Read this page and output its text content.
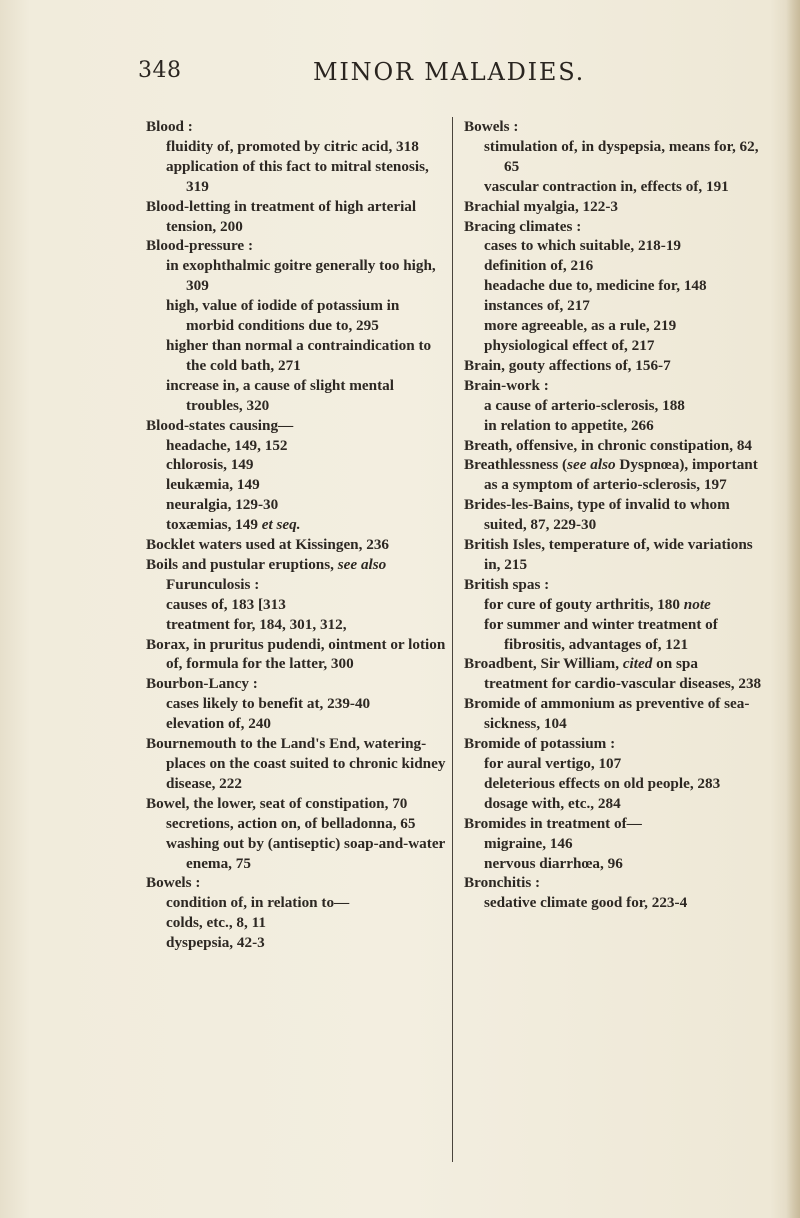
348	MINOR MALADIES.

Blood :

fluidity of, promoted by citric acid, 318

application of this fact to mitral stenosis, 319

Blood-letting in treatment of high arterial tension, 200

Blood-pressure :

in exophthalmic goitre generally too high, 309

high, value of iodide of potassium in morbid conditions due to, 295

higher than normal a contraindication to the cold bath, 271

increase in, a cause of slight mental troubles, 320

Blood-states causing—

headache, 149, 152

chlorosis, 149

leukæmia, 149

neuralgia, 129-30

toxæmias, 149 et seq.

Bocklet waters used at Kissingen, 236

Boils and pustular eruptions, see also Furunculosis :

causes of, 183 [313

treatment for, 184, 301, 312,

Borax, in pruritus pudendi, ointment or lotion of, formula for the latter, 300

Bourbon-Lancy :

cases likely to benefit at, 239-40

elevation of, 240

Bournemouth to the Land's End, watering-places on the coast suited to chronic kidney disease, 222

Bowel, the lower, seat of constipation, 70

secretions, action on, of belladonna, 65

washing out by (antiseptic) soap-and-water enema, 75

Bowels :

condition of, in relation to—

colds, etc., 8, 11

dyspepsia, 42-3

Bowels :

stimulation of, in dyspepsia, means for, 62, 65

vascular contraction in, effects of, 191

Brachial myalgia, 122-3

Bracing climates :

cases to which suitable, 218-19

definition of, 216

headache due to, medicine for, 148

instances of, 217

more agreeable, as a rule, 219

physiological effect of, 217

Brain, gouty affections of, 156-7

Brain-work :

a cause of arterio-sclerosis, 188

in relation to appetite, 266

Breath, offensive, in chronic constipation, 84

Breathlessness (see also Dyspnœa), important as a symptom of arterio-sclerosis, 197

Brides-les-Bains, type of invalid to whom suited, 87, 229-30

British Isles, temperature of, wide variations in, 215

British spas :

for cure of gouty arthritis, 180 note

for summer and winter treatment of fibrositis, advantages of, 121

Broadbent, Sir William, cited on spa treatment for cardio-vascular diseases, 238

Bromide of ammonium as preventive of sea-sickness, 104

Bromide of potassium :

for aural vertigo, 107

deleterious effects on old people, 283

dosage with, etc., 284

Bromides in treatment of—

migraine, 146

nervous diarrhœa, 96

Bronchitis :

sedative climate good for, 223-4
